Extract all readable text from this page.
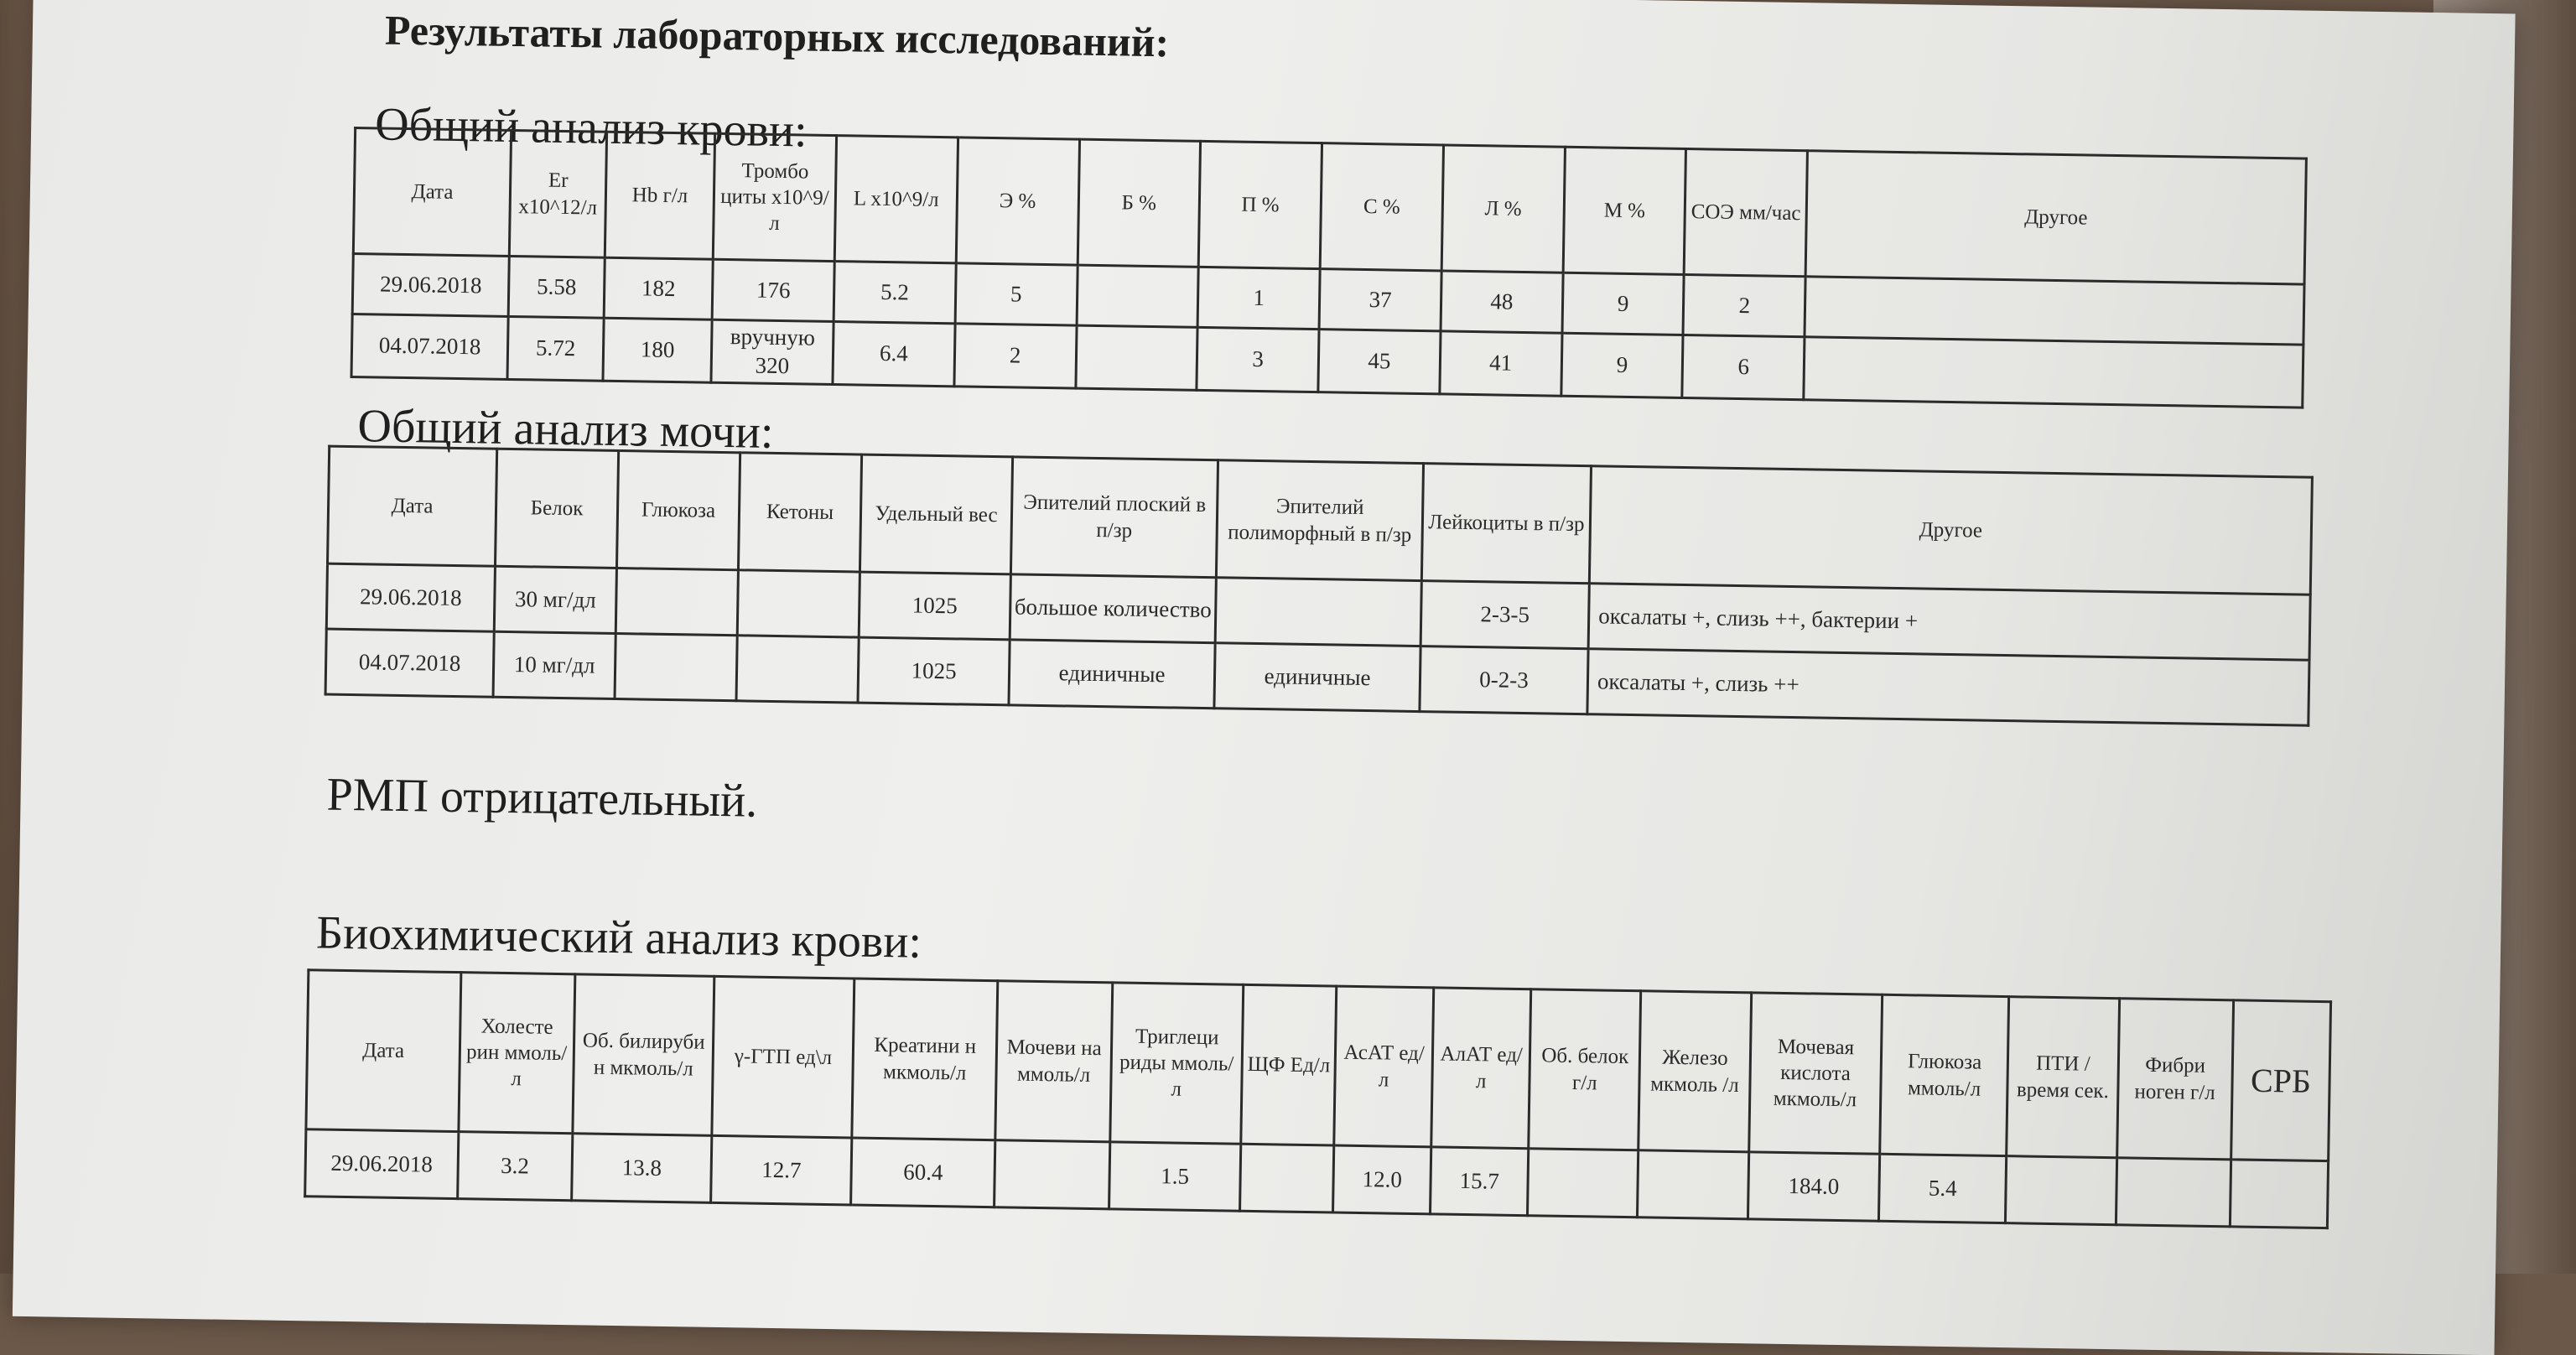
Результаты лабораторных исследований:
Общий анализ крови:
Дата	Er x10^12/л	Hb г/л	Тромбо циты x10^9/л	L x10^9/л	Э %	Б %	П %	С %	Л %	М %	СОЭ мм/час	Другое
29.06.2018	5.58	182	176	5.2	5		1	37	48	9	2	
04.07.2018	5.72	180	вручную 320	6.4	2		3	45	41	9	6	
Общий анализ мочи:
Дата	Белок	Глюкоза	Кетоны	Удельный вес	Эпителий плоский в п/зр	Эпителий полиморфный в п/зр	Лейкоциты в п/зр	Другое
29.06.2018	30 мг/дл			1025	большое количество		2-3-5	оксалаты +, слизь ++, бактерии +
04.07.2018	10 мг/дл			1025	единичные	единичные	0-2-3	оксалаты +, слизь ++
РМП отрицательный.
Биохимический анализ крови:
Дата	Холесте рин ммоль/л	Об. билируби н мкмоль/л	γ-ГТП ед\л	Креатини н мкмоль/л	Мочеви на ммоль/л	Триглеци риды ммоль/л	ЩФ Ед/л	АсАТ ед/л	АлАТ ед/л	Об. белок г/л	Железо мкмоль /л	Мочевая кислота мкмоль/л	Глюкоза ммоль/л	ПТИ /время сек.	Фибри ноген г/л	СРБ
29.06.2018	3.2	13.8	12.7	60.4		1.5		12.0	15.7			184.0	5.4			
